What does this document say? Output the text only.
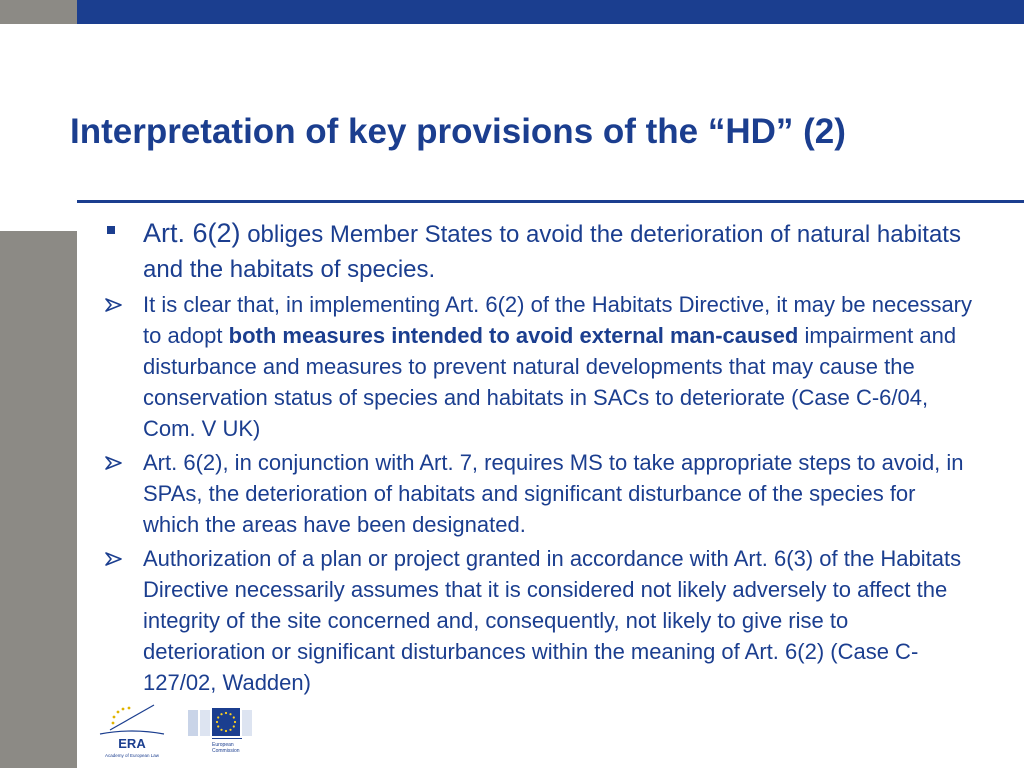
Interpretation of key provisions of the “HD” (2)
Art. 6(2) obliges Member States to avoid the deterioration of natural habitats and the habitats of species.
It is clear that, in implementing Art. 6(2) of the Habitats Directive, it may be necessary to adopt both measures intended to avoid external man-caused impairment and disturbance and measures to prevent natural developments that may cause the conservation status of species and habitats in SACs to deteriorate (Case C-6/04, Com. V UK)
Art. 6(2), in conjunction with Art. 7, requires MS to take appropriate steps to avoid, in SPAs, the deterioration of habitats and significant disturbance of the species for which the areas have been designated.
Authorization of a plan or project granted in accordance with Art. 6(3) of the Habitats Directive necessarily assumes that it is considered not likely adversely to affect the integrity of the site concerned and, consequently, not likely to give rise to deterioration or significant disturbances within the meaning of Art. 6(2) (Case C-127/02, Wadden)
ERA
Academy of European Law
European
Commission
